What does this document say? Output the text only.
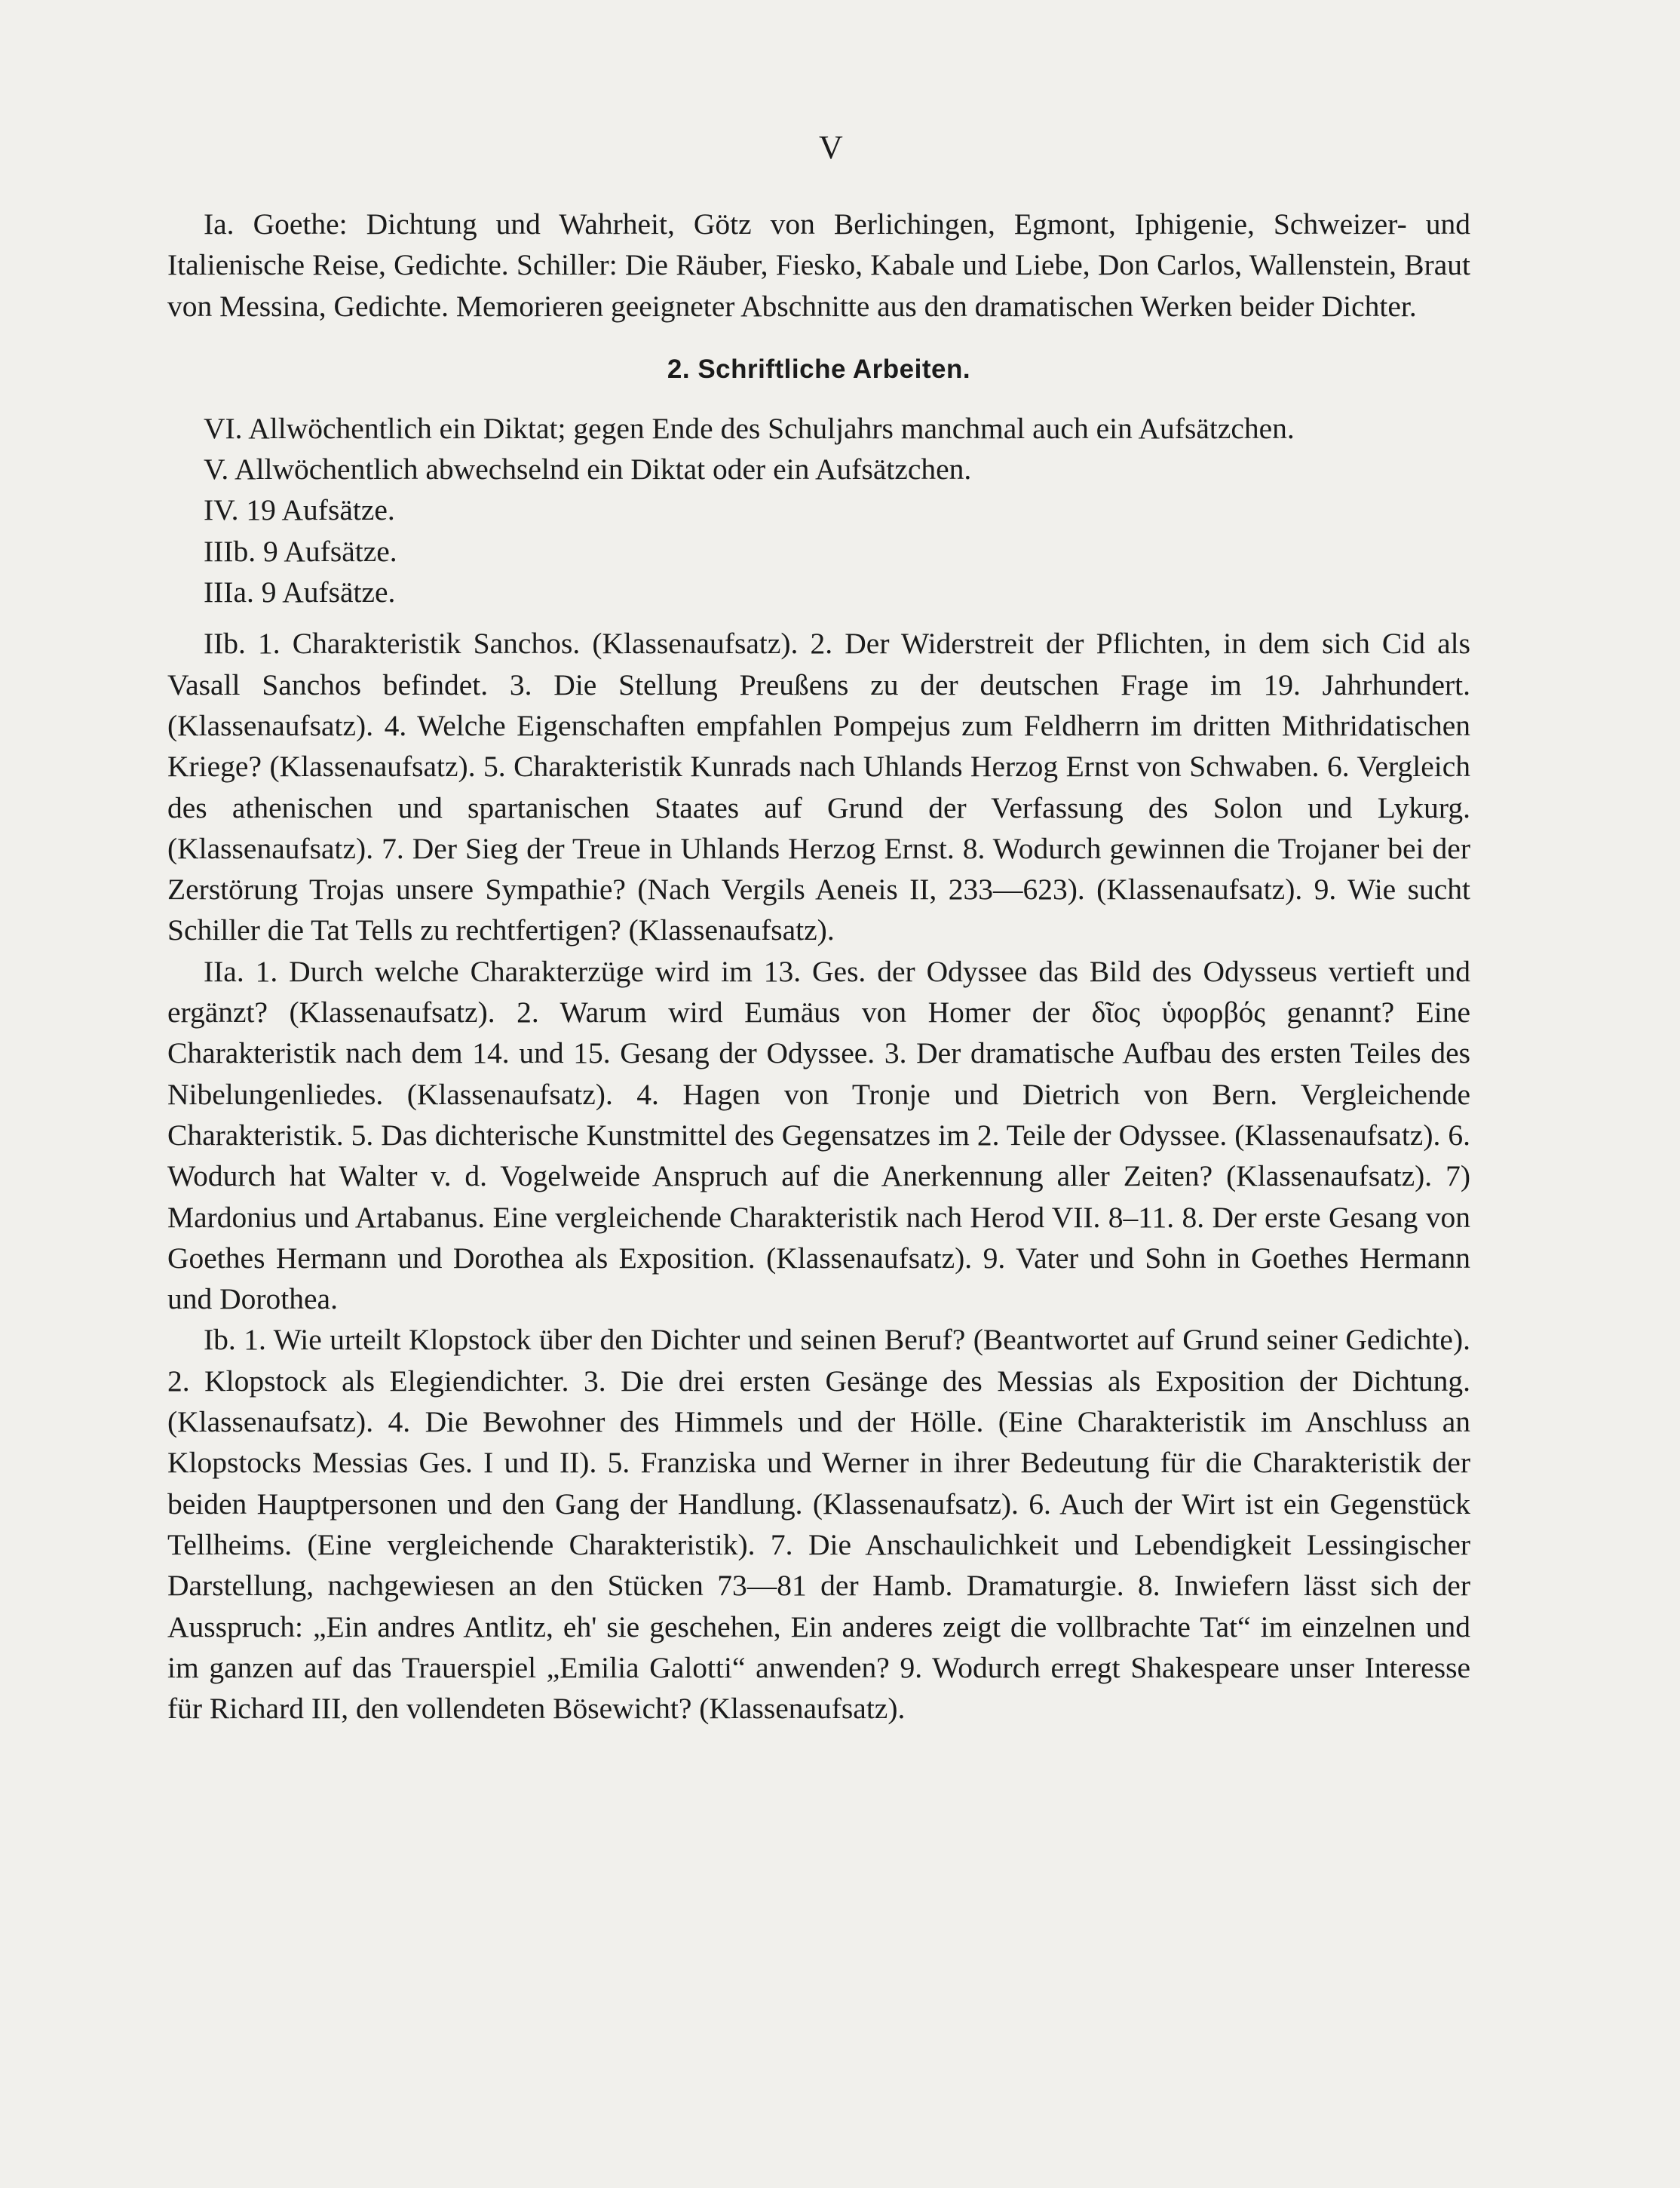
V

Ia. Goethe: Dichtung und Wahrheit, Götz von Berlichingen, Egmont, Iphigenie, Schweizer- und Italienische Reise, Gedichte. Schiller: Die Räuber, Fiesko, Kabale und Liebe, Don Carlos, Wallenstein, Braut von Messina, Gedichte. Memorieren geeigneter Abschnitte aus den dramatischen Werken beider Dichter.

2. Schriftliche Arbeiten.

VI. Allwöchentlich ein Diktat; gegen Ende des Schuljahrs manchmal auch ein Aufsätzchen.

V. Allwöchentlich abwechselnd ein Diktat oder ein Aufsätzchen.

IV. 19 Aufsätze.

IIIb. 9 Aufsätze.

IIIa. 9 Aufsätze.

IIb. 1. Charakteristik Sanchos. (Klassenaufsatz). 2. Der Widerstreit der Pflichten, in dem sich Cid als Vasall Sanchos befindet. 3. Die Stellung Preußens zu der deutschen Frage im 19. Jahrhundert. (Klassenaufsatz). 4. Welche Eigenschaften empfahlen Pompejus zum Feldherrn im dritten Mithridatischen Kriege? (Klassenaufsatz). 5. Charakteristik Kunrads nach Uhlands Herzog Ernst von Schwaben. 6. Vergleich des athenischen und spartanischen Staates auf Grund der Verfassung des Solon und Lykurg. (Klassenaufsatz). 7. Der Sieg der Treue in Uhlands Herzog Ernst. 8. Wodurch gewinnen die Trojaner bei der Zerstörung Trojas unsere Sympathie? (Nach Vergils Aeneis II, 233—623). (Klassenaufsatz). 9. Wie sucht Schiller die Tat Tells zu rechtfertigen? (Klassenaufsatz).

IIa. 1. Durch welche Charakterzüge wird im 13. Ges. der Odyssee das Bild des Odysseus vertieft und ergänzt? (Klassenaufsatz). 2. Warum wird Eumäus von Homer der δῖος ὑφορβός genannt? Eine Charakteristik nach dem 14. und 15. Gesang der Odyssee. 3. Der dramatische Aufbau des ersten Teiles des Nibelungenliedes. (Klassenaufsatz). 4. Hagen von Tronje und Dietrich von Bern. Vergleichende Charakteristik. 5. Das dichterische Kunstmittel des Gegensatzes im 2. Teile der Odyssee. (Klassenaufsatz). 6. Wodurch hat Walter v. d. Vogelweide Anspruch auf die Anerkennung aller Zeiten? (Klassenaufsatz). 7) Mardonius und Artabanus. Eine vergleichende Charakteristik nach Herod VII. 8–11. 8. Der erste Gesang von Goethes Hermann und Dorothea als Exposition. (Klassenaufsatz). 9. Vater und Sohn in Goethes Hermann und Dorothea.

Ib. 1. Wie urteilt Klopstock über den Dichter und seinen Beruf? (Beantwortet auf Grund seiner Gedichte). 2. Klopstock als Elegiendichter. 3. Die drei ersten Gesänge des Messias als Exposition der Dichtung. (Klassenaufsatz). 4. Die Bewohner des Himmels und der Hölle. (Eine Charakteristik im Anschluss an Klopstocks Messias Ges. I und II). 5. Franziska und Werner in ihrer Bedeutung für die Charakteristik der beiden Hauptpersonen und den Gang der Handlung. (Klassenaufsatz). 6. Auch der Wirt ist ein Gegenstück Tellheims. (Eine vergleichende Charakteristik). 7. Die Anschaulichkeit und Lebendigkeit Lessingischer Darstellung, nachgewiesen an den Stücken 73—81 der Hamb. Dramaturgie. 8. Inwiefern lässt sich der Ausspruch: „Ein andres Antlitz, eh' sie geschehen, Ein anderes zeigt die vollbrachte Tat“ im einzelnen und im ganzen auf das Trauerspiel „Emilia Galotti“ anwenden? 9. Wodurch erregt Shakespeare unser Interesse für Richard III, den vollendeten Bösewicht? (Klassenaufsatz).
